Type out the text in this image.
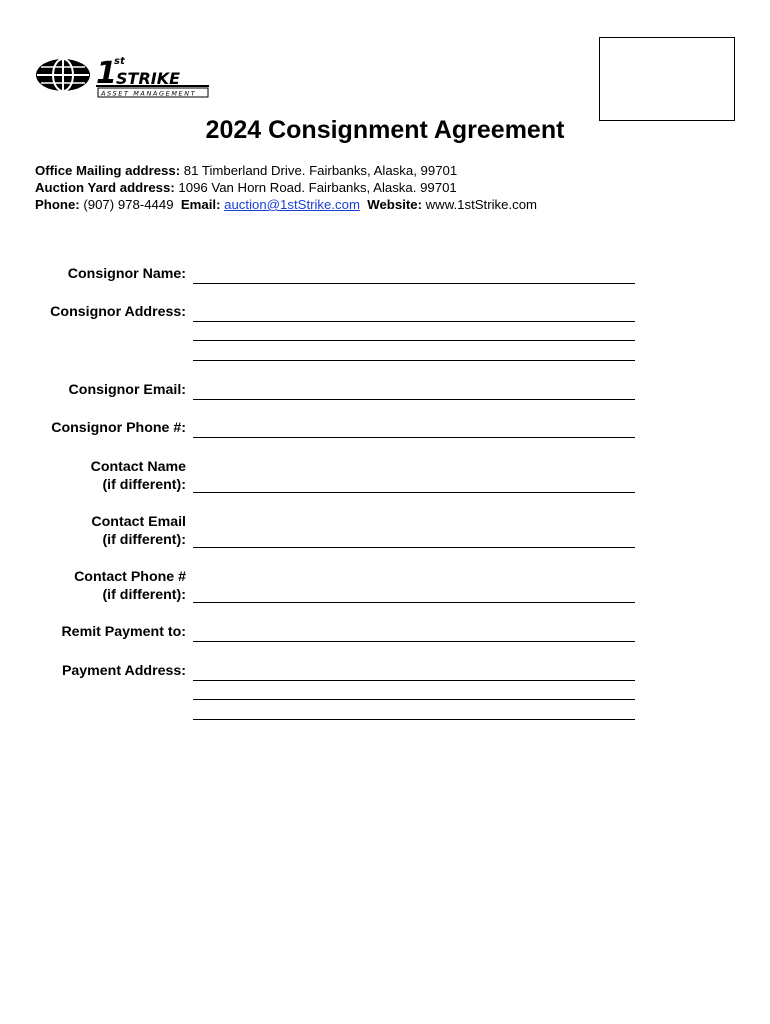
1
st
STRIKE
ASSET MANAGEMENT
2024 Consignment Agreement
Office Mailing address: 81 Timberland Drive. Fairbanks, Alaska, 99701
Auction Yard address: 1096 Van Horn Road. Fairbanks, Alaska. 99701
Phone: (907) 978-4449 Email: auction@1stStrike.com Website: www.1stStrike.com
Consignor Name:
Consignor Address:
Consignor Email:
Consignor Phone #:
Contact Name
(if different):
Contact Email
(if different):
Contact Phone #
(if different):
Remit Payment to:
Payment Address:
